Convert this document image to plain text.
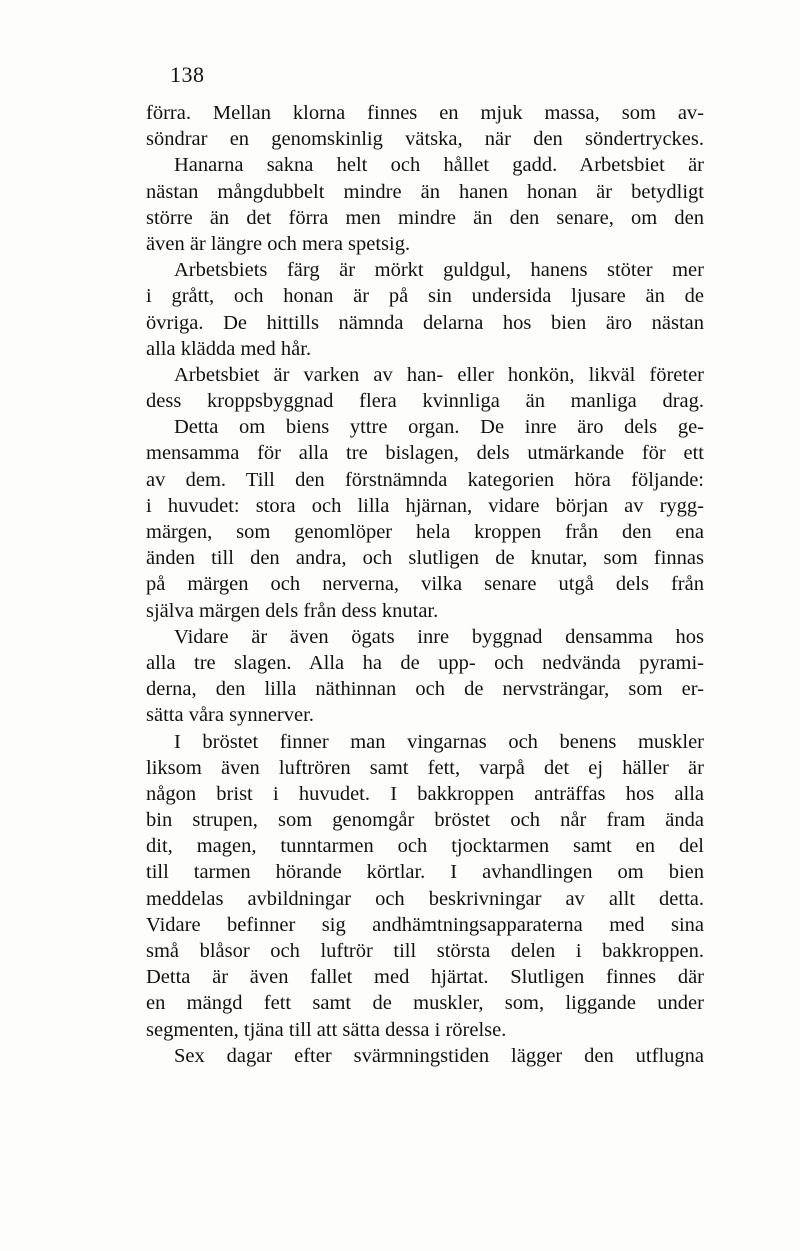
138
förra. Mellan klorna finnes en mjuk massa, som av-
söndrar en genomskinlig vätska, när den söndertryckes.
Hanarna sakna helt och hållet gadd. Arbetsbiet är
nästan mångdubbelt mindre än hanen honan är betydligt
större än det förra men mindre än den senare, om den
även är längre och mera spetsig.
Arbetsbiets färg är mörkt guldgul, hanens stöter mer
i grått, och honan är på sin undersida ljusare än de
övriga. De hittills nämnda delarna hos bien äro nästan
alla klädda med hår.
Arbetsbiet är varken av han- eller honkön, likväl företer
dess kroppsbyggnad flera kvinnliga än manliga drag.
Detta om biens yttre organ. De inre äro dels ge-
mensamma för alla tre bislagen, dels utmärkande för ett
av dem. Till den förstnämnda kategorien höra följande:
i huvudet: stora och lilla hjärnan, vidare början av rygg-
märgen, som genomlöper hela kroppen från den ena
änden till den andra, och slutligen de knutar, som finnas
på märgen och nerverna, vilka senare utgå dels från
själva märgen dels från dess knutar.
Vidare är även ögats inre byggnad densamma hos
alla tre slagen. Alla ha de upp- och nedvända pyrami-
derna, den lilla näthinnan och de nervsträngar, som er-
sätta våra synnerver.
I bröstet finner man vingarnas och benens muskler
liksom även luftrören samt fett, varpå det ej häller är
någon brist i huvudet. I bakkroppen anträffas hos alla
bin strupen, som genomgår bröstet och når fram ända
dit, magen, tunntarmen och tjocktarmen samt en del
till tarmen hörande körtlar. I avhandlingen om bien
meddelas avbildningar och beskrivningar av allt detta.
Vidare befinner sig andhämtningsapparaterna med sina
små blåsor och luftrör till största delen i bakkroppen.
Detta är även fallet med hjärtat. Slutligen finnes där
en mängd fett samt de muskler, som, liggande under
segmenten, tjäna till att sätta dessa i rörelse.
Sex dagar efter svärmningstiden lägger den utflugna
